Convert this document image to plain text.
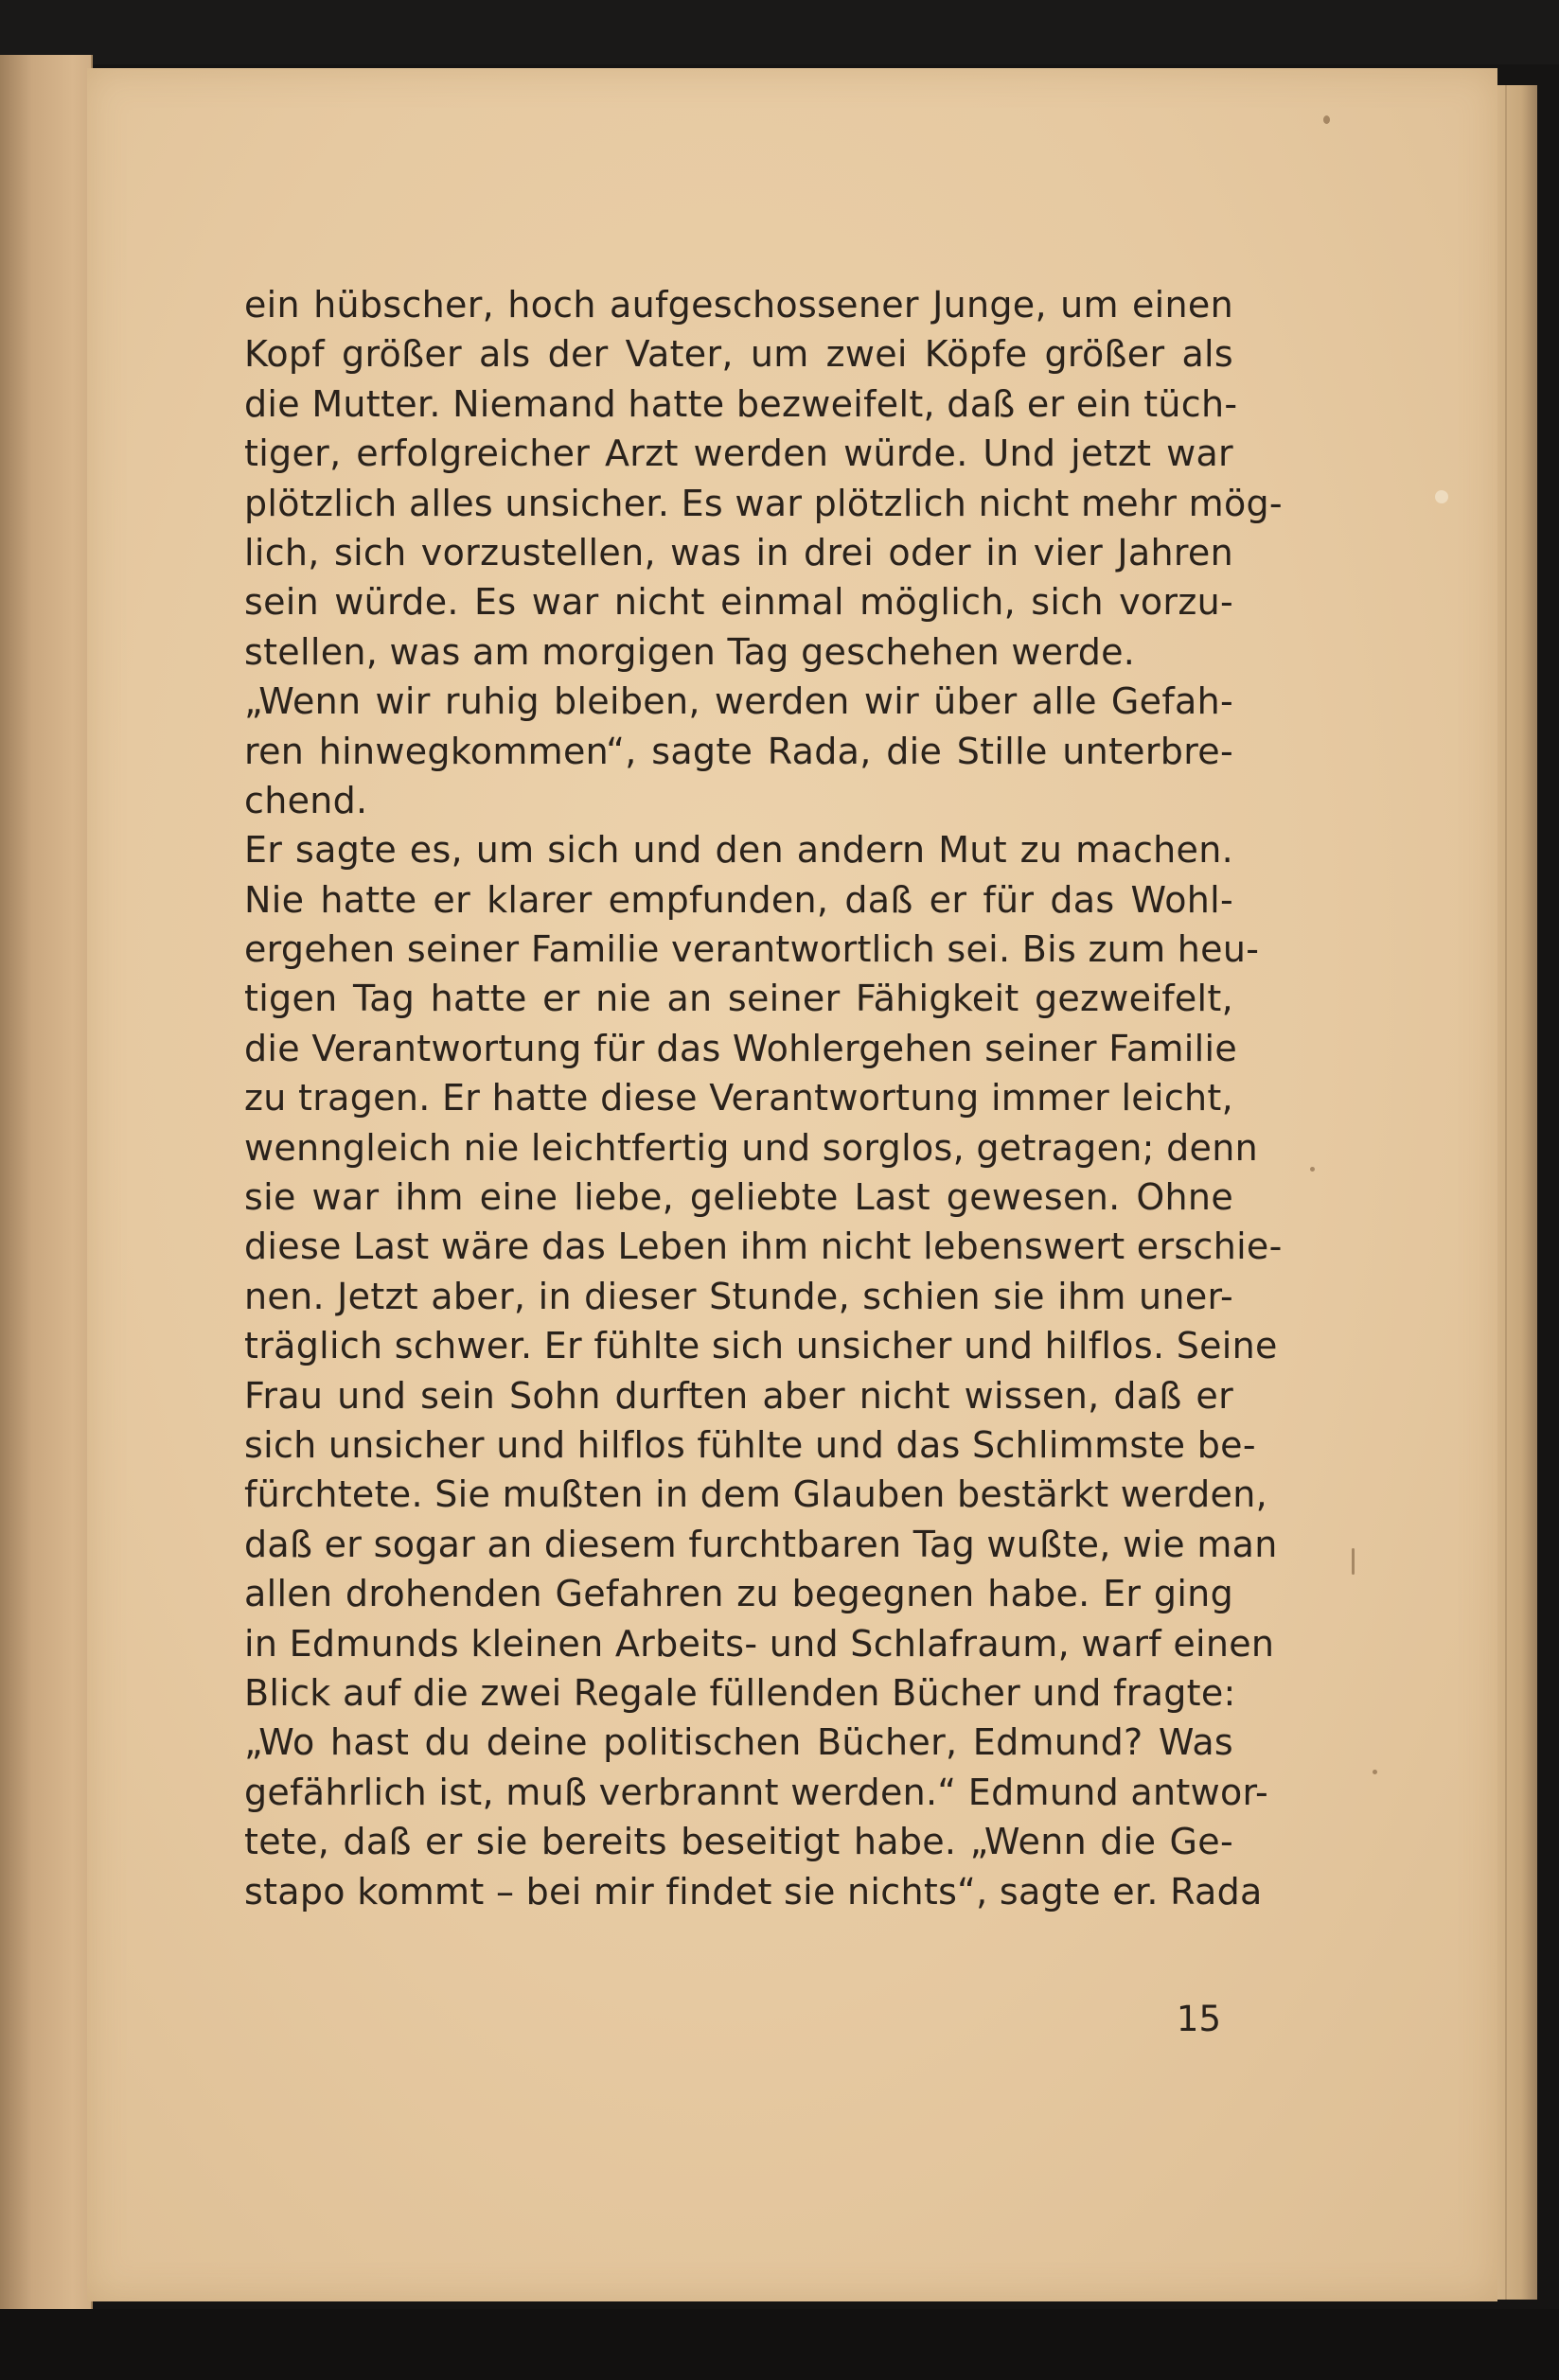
ein hübscher, hoch aufgeschossener Junge, um einen
Kopf größer als der Vater, um zwei Köpfe größer als
die Mutter. Niemand hatte bezweifelt, daß er ein tüch-
tiger, erfolgreicher Arzt werden würde. Und jetzt war
plötzlich alles unsicher. Es war plötzlich nicht mehr mög-
lich, sich vorzustellen, was in drei oder in vier Jahren
sein würde. Es war nicht einmal möglich, sich vorzu-
stellen, was am morgigen Tag geschehen werde.
„Wenn wir ruhig bleiben, werden wir über alle Gefah-
ren hinwegkommen“, sagte Rada, die Stille unterbre-
chend.
Er sagte es, um sich und den andern Mut zu machen.
Nie hatte er klarer empfunden, daß er für das Wohl-
ergehen seiner Familie verantwortlich sei. Bis zum heu-
tigen Tag hatte er nie an seiner Fähigkeit gezweifelt,
die Verantwortung für das Wohlergehen seiner Familie
zu tragen. Er hatte diese Verantwortung immer leicht,
wenngleich nie leichtfertig und sorglos, getragen; denn
sie war ihm eine liebe, geliebte Last gewesen. Ohne
diese Last wäre das Leben ihm nicht lebenswert erschie-
nen. Jetzt aber, in dieser Stunde, schien sie ihm uner-
träglich schwer. Er fühlte sich unsicher und hilflos. Seine
Frau und sein Sohn durften aber nicht wissen, daß er
sich unsicher und hilflos fühlte und das Schlimmste be-
fürchtete. Sie mußten in dem Glauben bestärkt werden,
daß er sogar an diesem furchtbaren Tag wußte, wie man
allen drohenden Gefahren zu begegnen habe. Er ging
in Edmunds kleinen Arbeits- und Schlafraum, warf einen
Blick auf die zwei Regale füllenden Bücher und fragte:
„Wo hast du deine politischen Bücher, Edmund? Was
gefährlich ist, muß verbrannt werden.“ Edmund antwor-
tete, daß er sie bereits beseitigt habe. „Wenn die Ge-
stapo kommt – bei mir findet sie nichts“, sagte er. Rada
15
